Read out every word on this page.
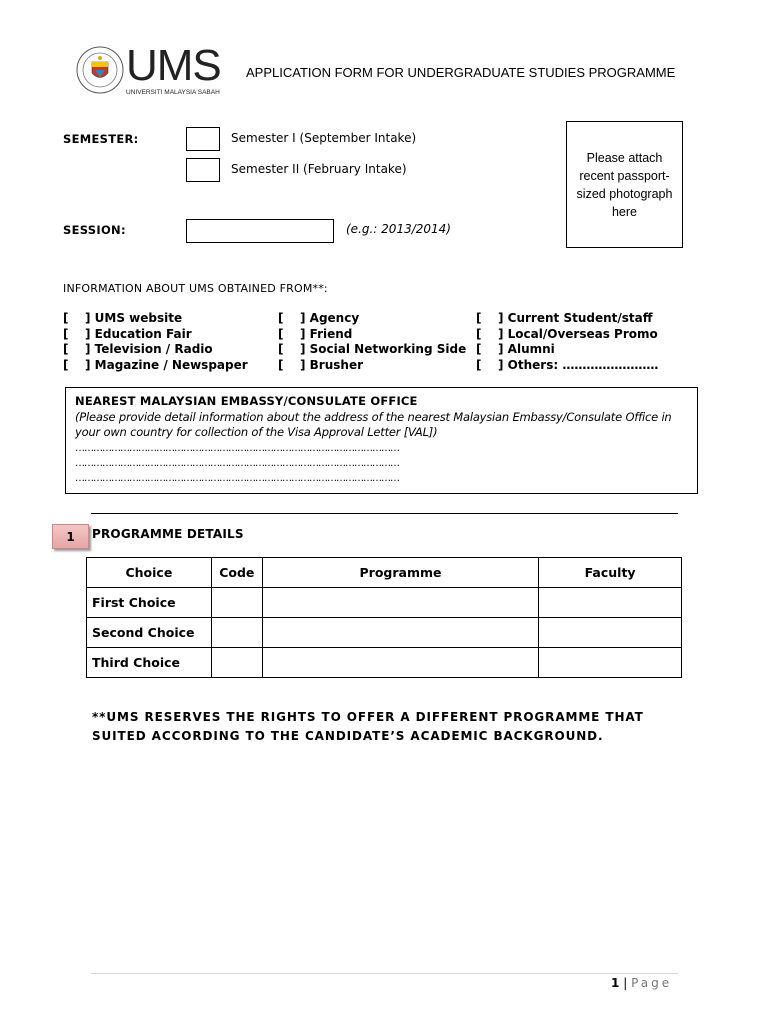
UMS
UNIVERSITI MALAYSIA SABAH
APPLICATION FORM FOR UNDERGRADUATE STUDIES PROGRAMME
SEMESTER:	Semester I (September Intake)
Semester II (February Intake)
SESSION:	(e.g.: 2013/2014)
Please attach recent passport-sized photograph here
INFORMATION ABOUT UMS OBTAINED FROM**:
[ ] UMS website
[ ] Education Fair
[ ] Television / Radio
[ ] Magazine / Newspaper
[ ] Agency
[ ] Friend
[ ] Social Networking Side
[ ] Brusher
[ ] Current Student/staff
[ ] Local/Overseas Promo
[ ] Alumni
[ ] Others: ……………………
NEAREST MALAYSIAN EMBASSY/CONSULATE OFFICE
(Please provide detail information about the address of the nearest Malaysian Embassy/Consulate Office in your own country for collection of the Visa Approval Letter [VAL])
………………………………………………………………………………………………
………………………………………………………………………………………………
………………………………………………………………………………………………
1	PROGRAMME DETAILS
Choice	Code	Programme	Faculty
First Choice			
Second Choice			
Third Choice			
**UMS RESERVES THE RIGHTS TO OFFER A DIFFERENT PROGRAMME THAT SUITED ACCORDING TO THE CANDIDATE’S ACADEMIC BACKGROUND.
1 | Page
